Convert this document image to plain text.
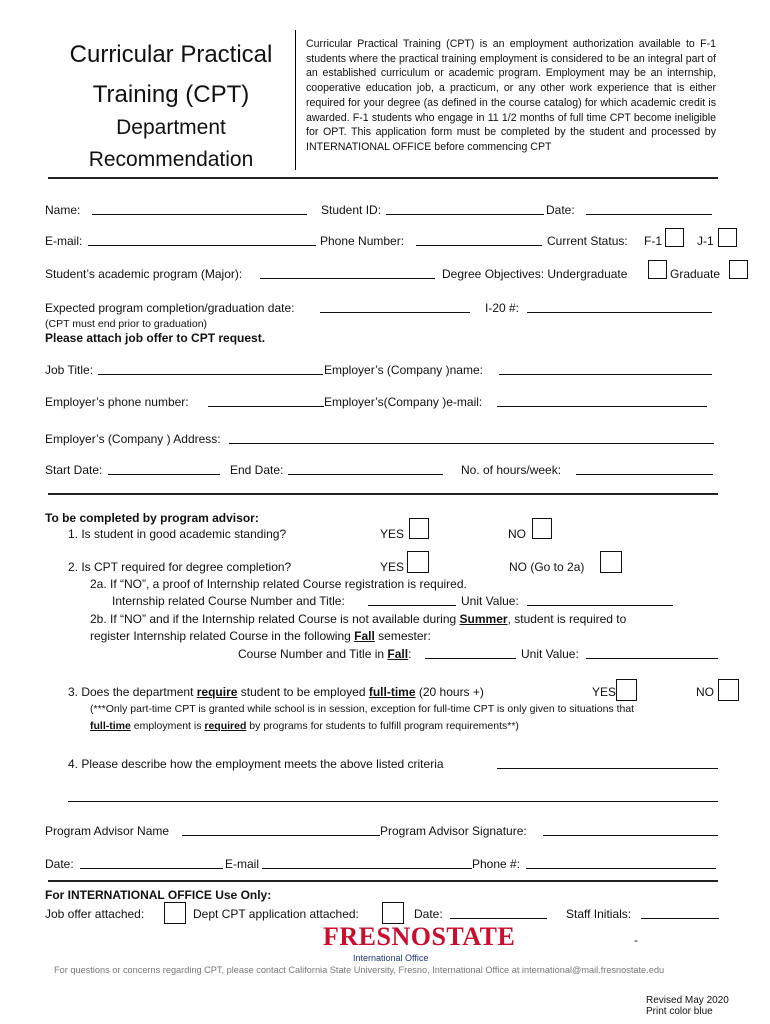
Curricular Practical
Training (CPT)
Department
Recommendation
Curricular Practical Training (CPT) is an employment authorization available to F-1 students where the practical training employment is considered to be an integral part of an established curriculum or academic program. Employment may be an internship, cooperative education job, a practicum, or any other work experience that is either required for your degree (as defined in the course catalog) for which academic credit is awarded. F-1 students who engage in 11 1/2 months of full time CPT become ineligible for OPT. This application form must be completed by the student and processed by INTERNATIONAL OFFICE before commencing CPT
Name:	Student ID:	Date:
E-mail:	Phone Number:	Current Status: F-1	J-1
Student’s academic program (Major):	Degree Objectives: Undergraduate	Graduate
Expected program completion/graduation date:	I-20 #:
(CPT must end prior to graduation)
Please attach job offer to CPT request.
Job Title:	Employer’s (Company )name:
Employer’s phone number:	Employer’s(Company )e-mail:
Employer’s (Company ) Address:
Start Date:	End Date:	No. of hours/week:
To be completed by program advisor:
1. Is student in good academic standing?	YES	NO
2. Is CPT required for degree completion?	YES	NO (Go to 2a)
2a. If “NO”, a proof of Internship related Course registration is required.
Internship related Course Number and Title:	Unit Value:
2b. If “NO” and if the Internship related Course is not available during Summer, student is required to
register Internship related Course in the following Fall semester:
Course Number and Title in Fall:	Unit Value:
3. Does the department require student to be employed full-time (20 hours +)	YES	NO
(***Only part-time CPT is granted while school is in session, exception for full-time CPT is only given to situations that
full-time employment is required by programs for students to fulfill program requirements**)
4. Please describe how the employment meets the above listed criteria
Program Advisor Name	Program Advisor Signature:
Date:	E-mail	Phone #:
For INTERNATIONAL OFFICE Use Only:
Job offer attached:	Dept CPT application attached:	Date:	Staff Initials:
-
FRESNOSTATE
International Office
For questions or concerns regarding CPT, please contact California State University, Fresno, International Office at international@mail.fresnostate.edu
Revised May 2020
Print color blue
